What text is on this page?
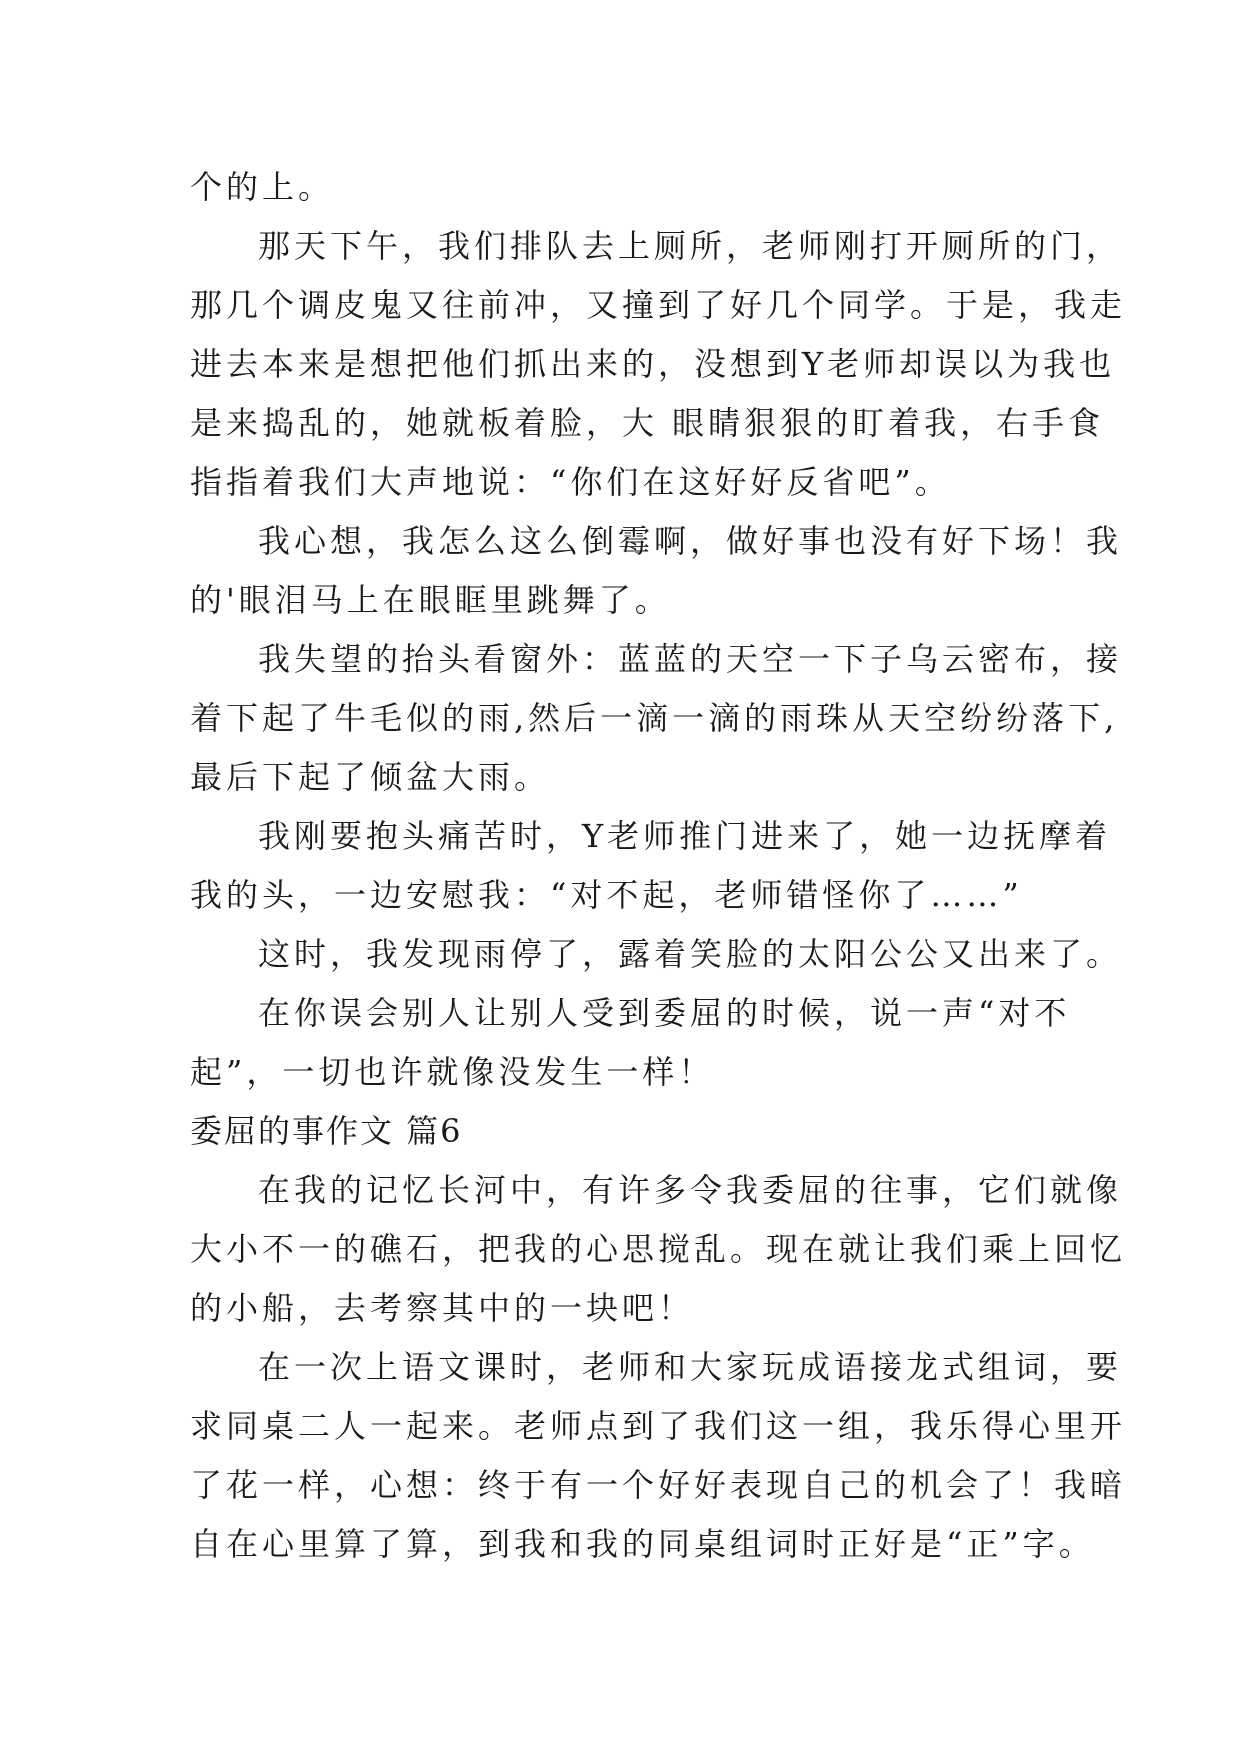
个的上。
那天下午，我们排队去上厕所，老师刚打开厕所的门，
那几个调皮鬼又往前冲，又撞到了好几个同学。于是，我走
进去本来是想把他们抓出来的，没想到Y老师却误以为我也
是来捣乱的，她就板着脸，大 眼睛狠狠的盯着我，右手食
指指着我们大声地说：“你们在这好好反省吧”。
我心想，我怎么这么倒霉啊，做好事也没有好下场！我
的'眼泪马上在眼眶里跳舞了。
我失望的抬头看窗外：蓝蓝的天空一下子乌云密布，接
着下起了牛毛似的雨,然后一滴一滴的雨珠从天空纷纷落下,
最后下起了倾盆大雨。
我刚要抱头痛苦时，Y老师推门进来了，她一边抚摩着
我的头，一边安慰我：“对不起，老师错怪你了……”
这时，我发现雨停了，露着笑脸的太阳公公又出来了。
在你误会别人让别人受到委屈的时候，说一声“对不
起”，一切也许就像没发生一样！
委屈的事作文 篇6
在我的记忆长河中，有许多令我委屈的往事，它们就像
大小不一的礁石，把我的心思搅乱。现在就让我们乘上回忆
的小船，去考察其中的一块吧！
在一次上语文课时，老师和大家玩成语接龙式组词，要
求同桌二人一起来。老师点到了我们这一组，我乐得心里开
了花一样，心想：终于有一个好好表现自己的机会了！我暗
自在心里算了算，到我和我的同桌组词时正好是“正”字。
